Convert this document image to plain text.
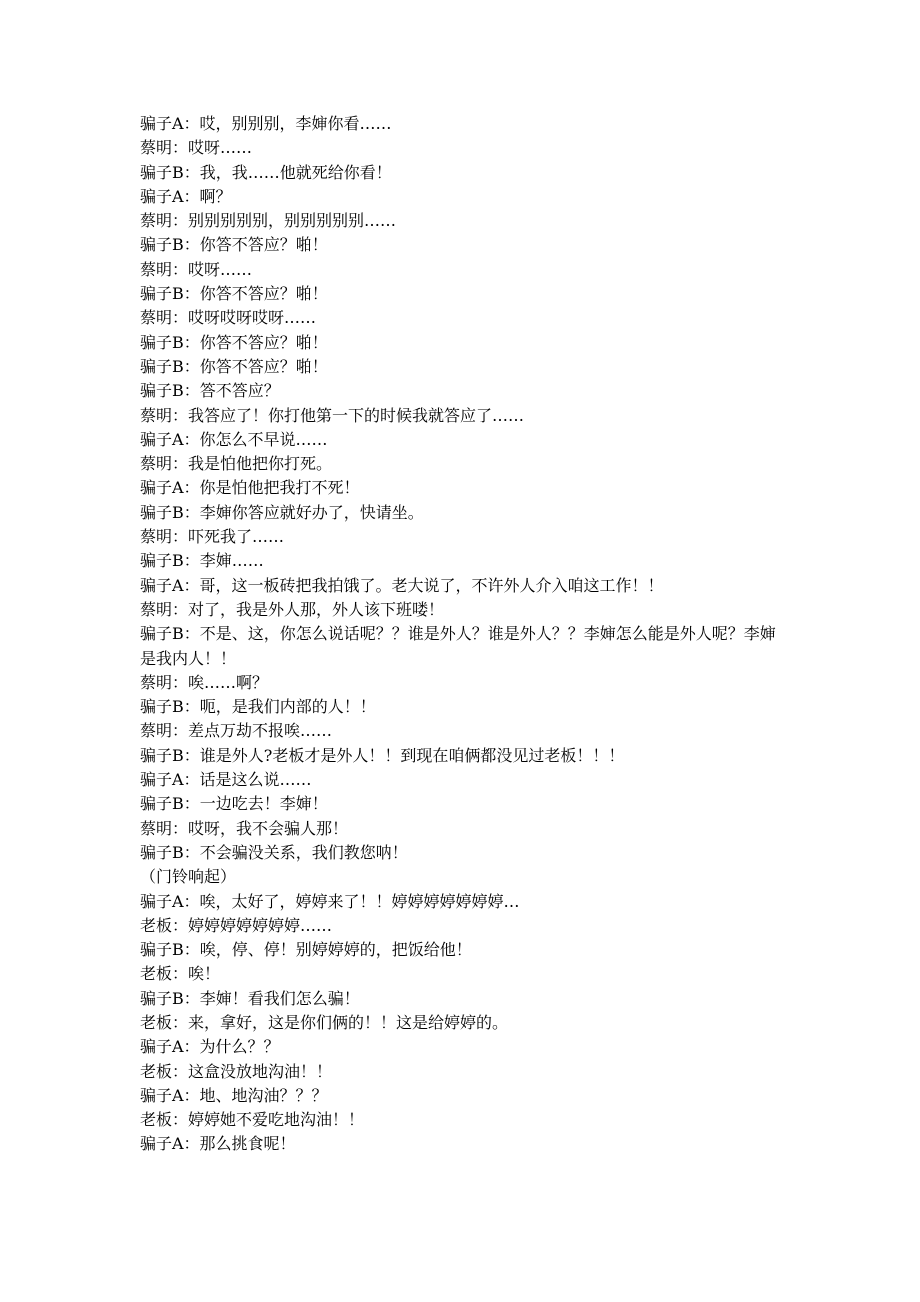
骗子A：哎，别别别，李婶你看……

蔡明：哎呀……

骗子B：我，我……他就死给你看！

骗子A：啊？

蔡明：别别别别别，别别别别别……

骗子B：你答不答应？啪！

蔡明：哎呀……

骗子B：你答不答应？啪！

蔡明：哎呀哎呀哎呀……

骗子B：你答不答应？啪！

骗子B：你答不答应？啪！

骗子B：答不答应？

蔡明：我答应了！你打他第一下的时候我就答应了……

骗子A：你怎么不早说……

蔡明：我是怕他把你打死。

骗子A：你是怕他把我打不死！

骗子B：李婶你答应就好办了，快请坐。

蔡明：吓死我了……

骗子B：李婶……

骗子A：哥，这一板砖把我拍饿了。老大说了，不许外人介入咱这工作！！

蔡明：对了，我是外人那，外人该下班喽！

骗子B：不是、这，你怎么说话呢？？谁是外人？谁是外人？？李婶怎么能是外人呢？李婶是我内人！！

蔡明：唉……啊？

骗子B：呃，是我们内部的人！！

蔡明：差点万劫不报唉……

骗子B：谁是外人?老板才是外人！！到现在咱俩都没见过老板！！！

骗子A：话是这么说……

骗子B：一边吃去！李婶！

蔡明：哎呀，我不会骗人那！

骗子B：不会骗没关系，我们教您呐！

（门铃响起）

骗子A：唉，太好了，婷婷来了！！婷婷婷婷婷婷婷…

老板：婷婷婷婷婷婷婷……

骗子B：唉，停、停！别婷婷婷的，把饭给他！

老板：唉！

骗子B：李婶！看我们怎么骗！

老板：来，拿好，这是你们俩的！！这是给婷婷的。

骗子A：为什么？？

老板：这盒没放地沟油！！

骗子A：地、地沟油？？？

老板：婷婷她不爱吃地沟油！！

骗子A：那么挑食呢！
